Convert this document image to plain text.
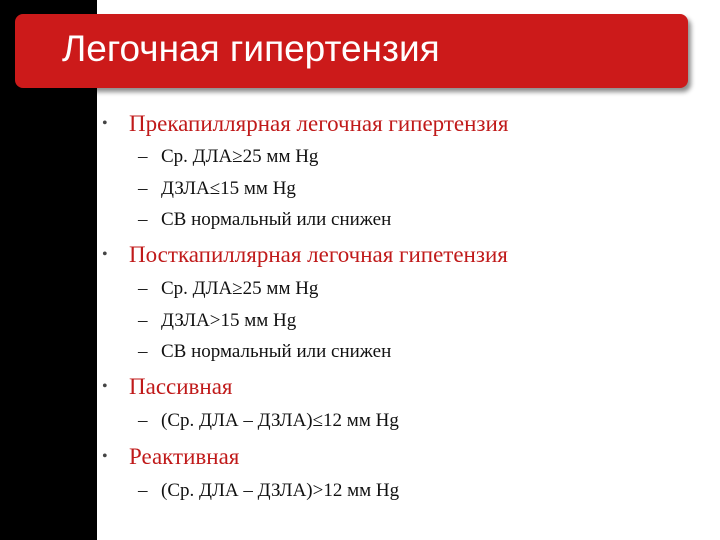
Легочная гипертензия
• Прекапиллярная легочная гипертензия
– Ср. ДЛА≥25 мм Hg
– ДЗЛА≤15 мм Hg
– СВ нормальный или снижен
• Посткапиллярная легочная гипетензия
– Ср. ДЛА≥25 мм Hg
– ДЗЛА>15 мм Hg
– СВ нормальный или снижен
• Пассивная
– (Ср. ДЛА – ДЗЛА)≤12 мм Hg
• Реактивная
– (Ср. ДЛА – ДЗЛА)>12 мм Hg
